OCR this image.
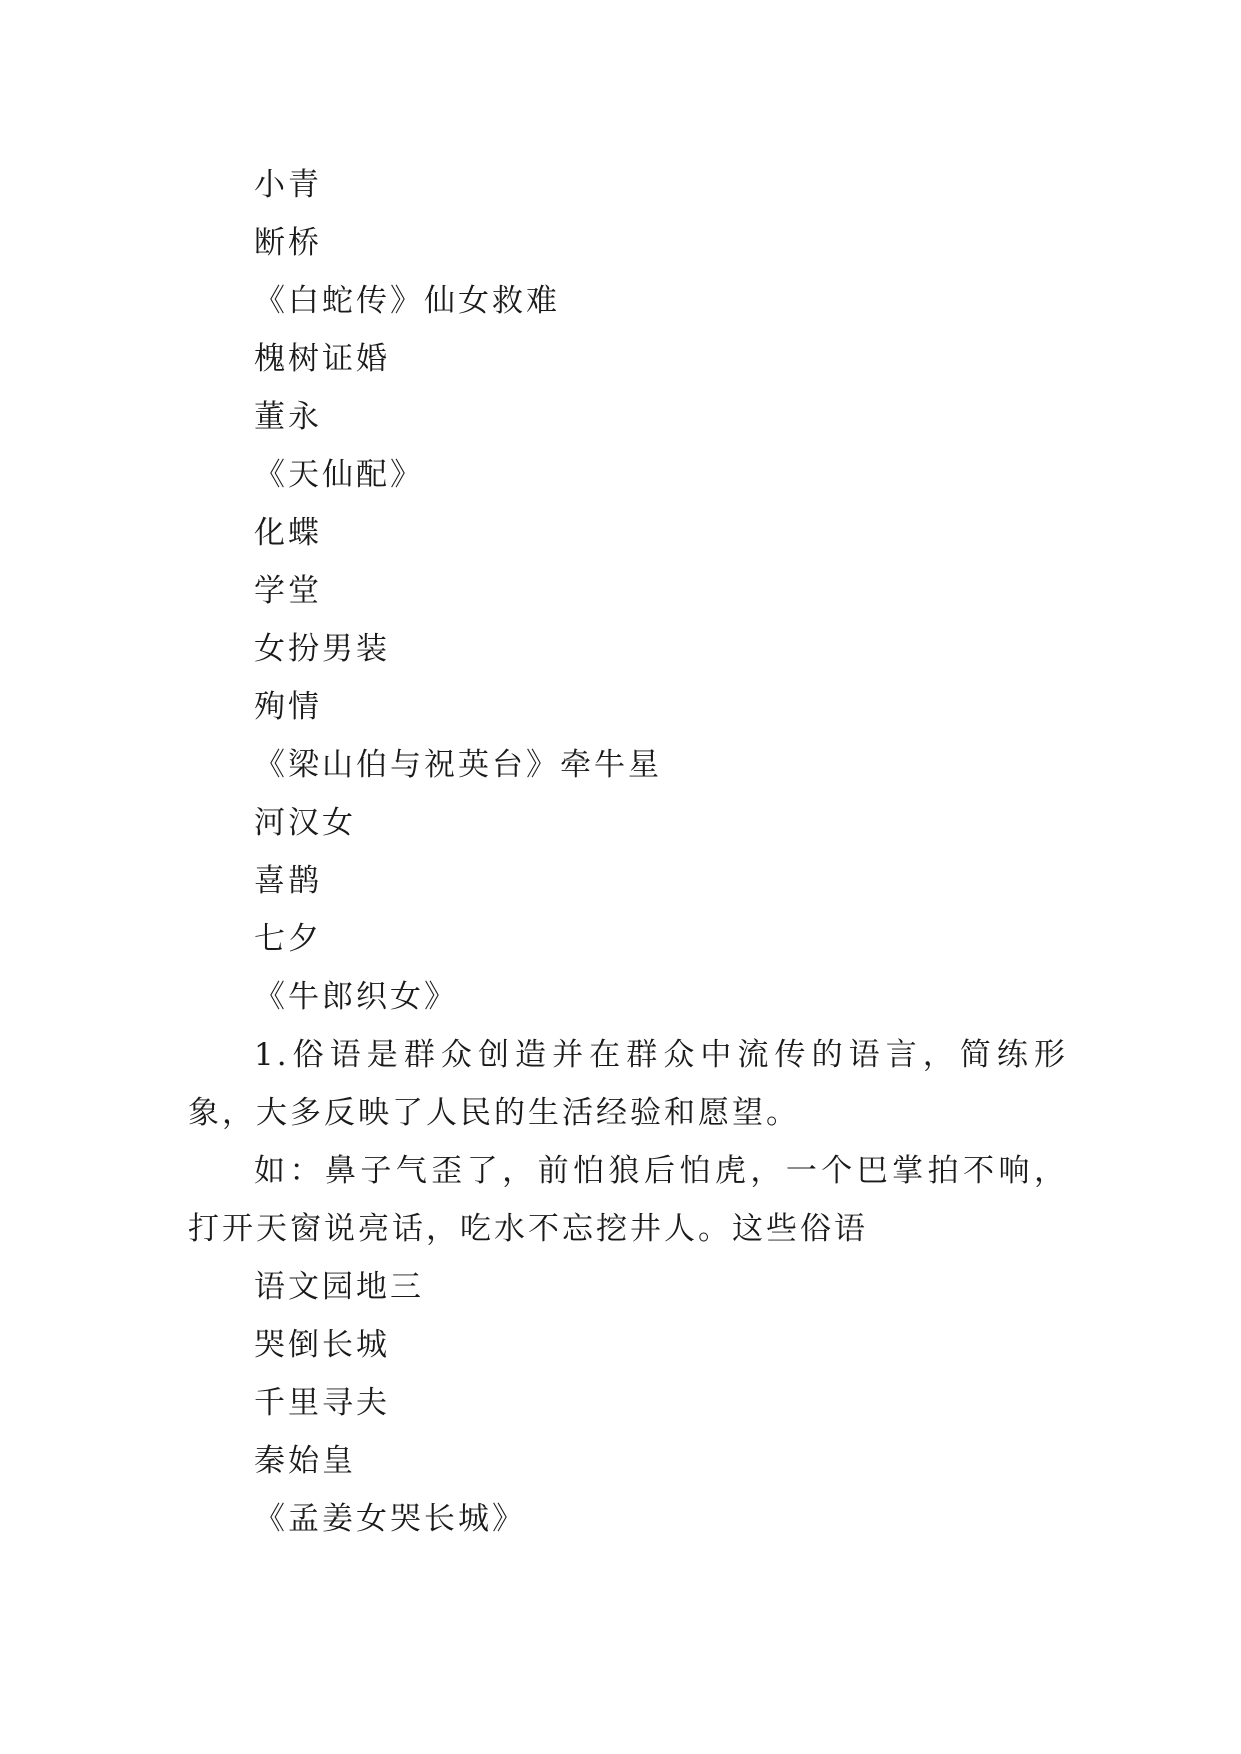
小青
断桥
《白蛇传》仙女救难
槐树证婚
董永
《天仙配》
化蝶
学堂
女扮男装
殉情
《梁山伯与祝英台》牵牛星
河汉女
喜鹊
七夕
《牛郎织女》
1.俗语是群众创造并在群众中流传的语言，简练形象，大多反映了人民的生活经验和愿望。
如：鼻子气歪了，前怕狼后怕虎，一个巴掌拍不响，打开天窗说亮话，吃水不忘挖井人。这些俗语
语文园地三
哭倒长城
千里寻夫
秦始皇
《孟姜女哭长城》
